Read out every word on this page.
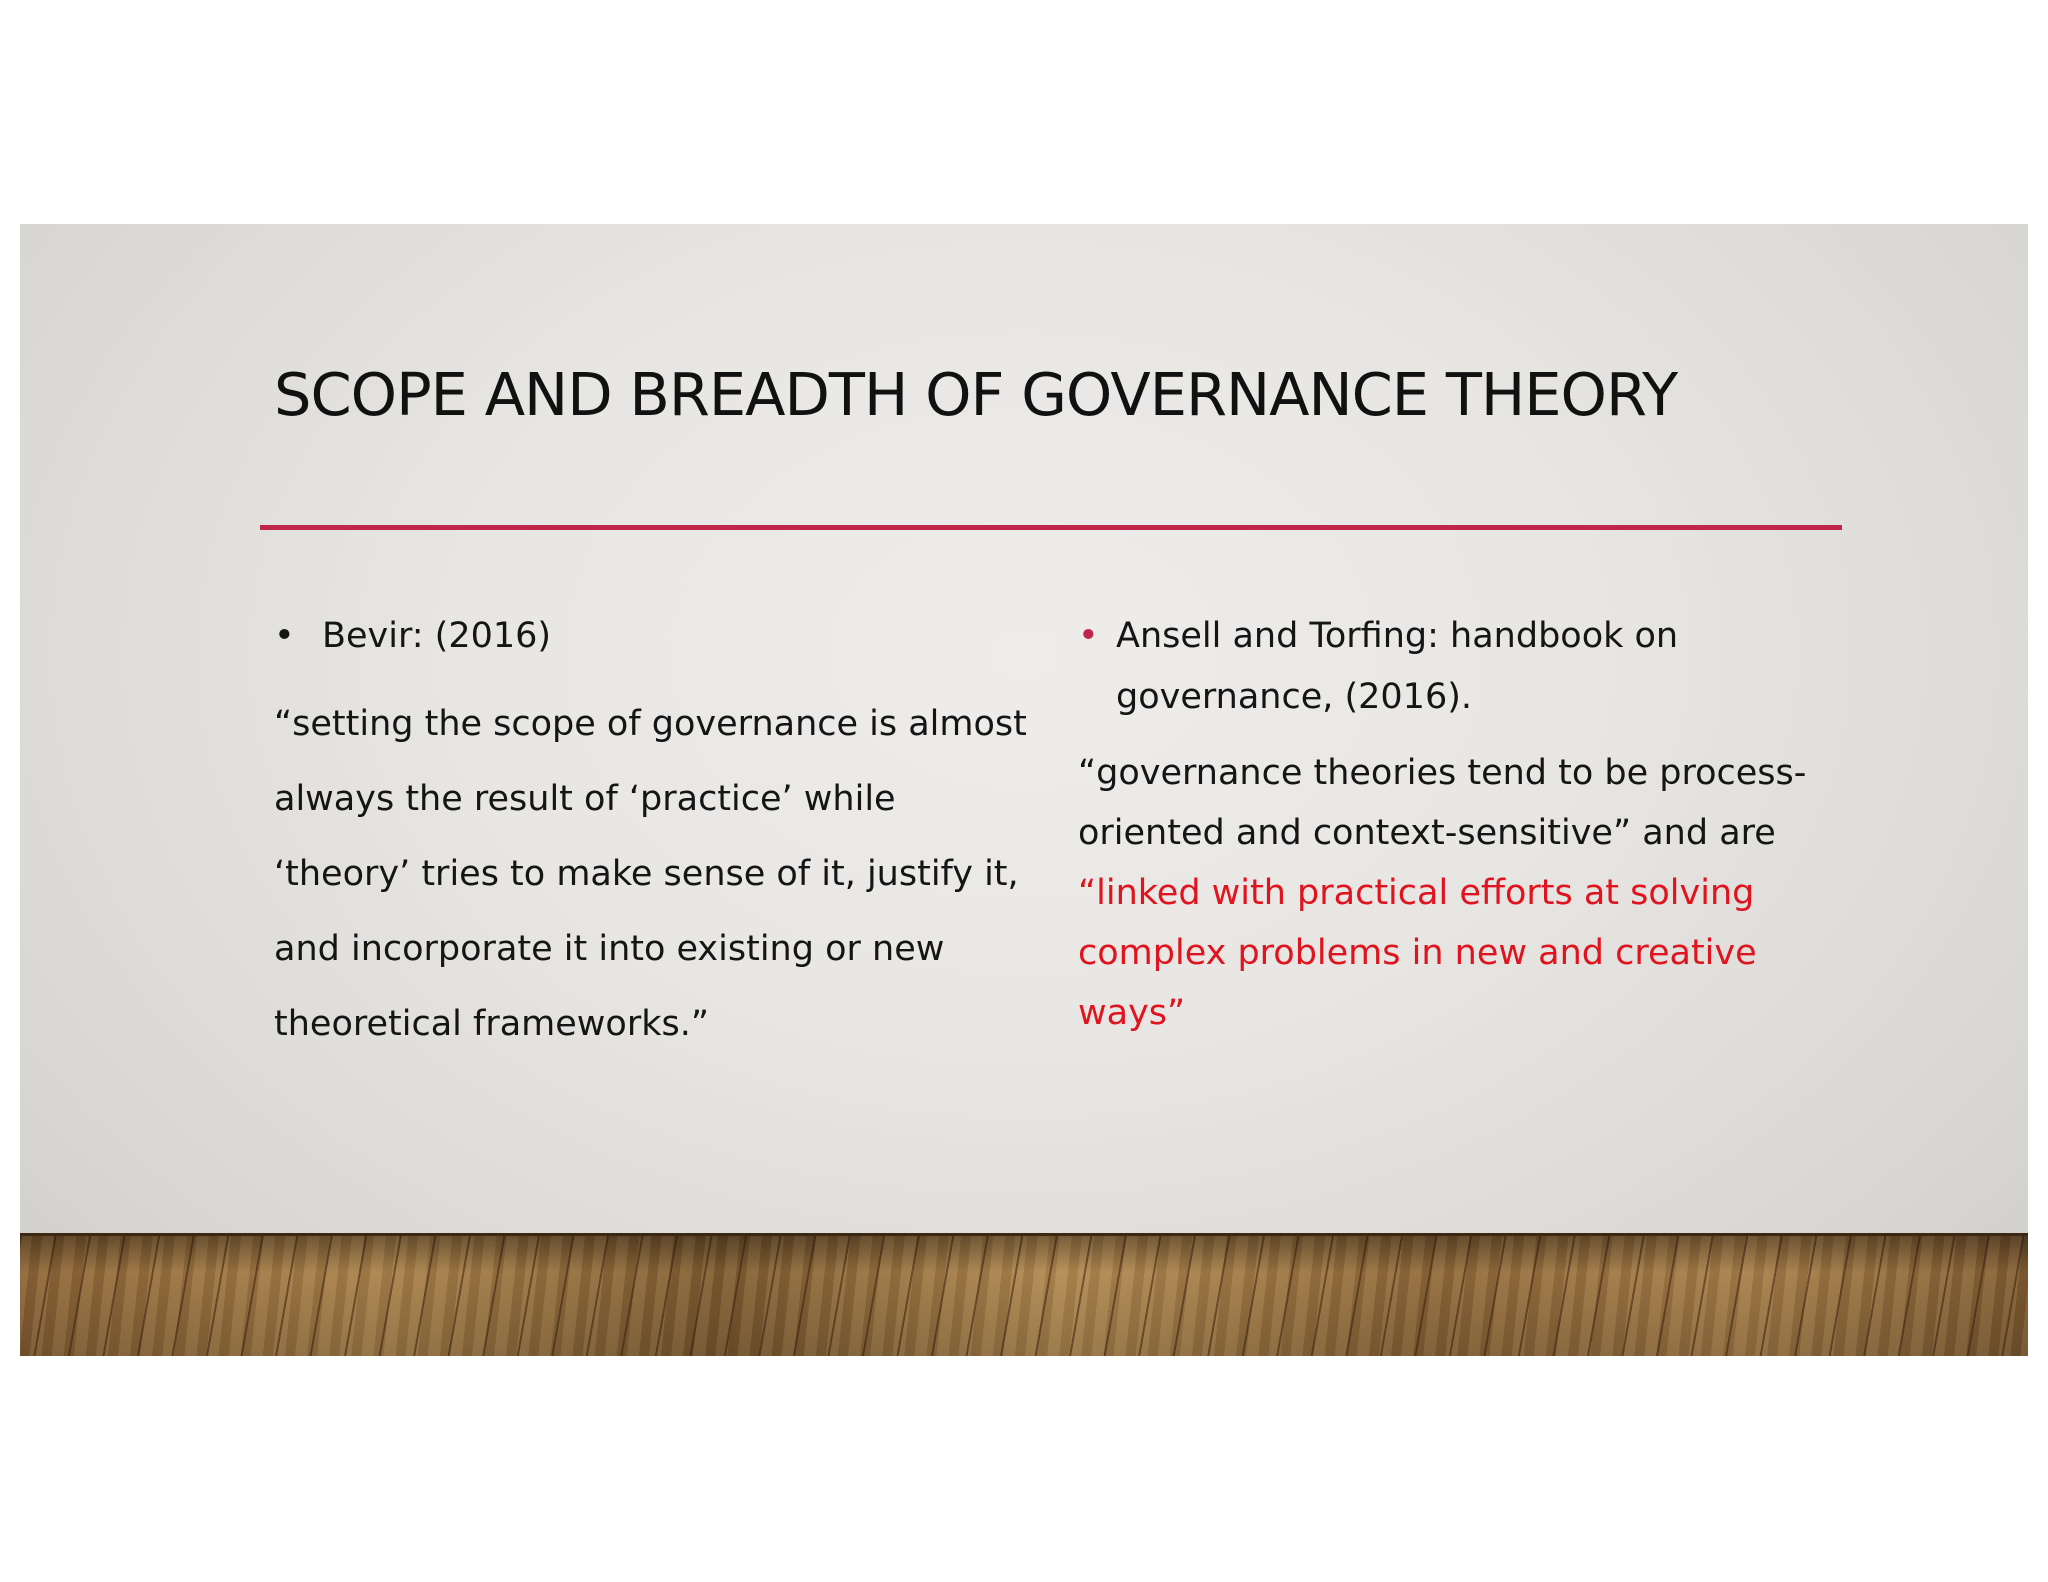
SCOPE AND BREADTH OF GOVERNANCE THEORY
• Bevir: (2016)
“setting the scope of governance is almost always the result of ‘practice’ while ‘theory’ tries to make sense of it, justify it, and incorporate it into existing or new theoretical frameworks.”
• Ansell and Torfing: handbook on governance, (2016).
“governance theories tend to be process-oriented and context-sensitive” and are “linked with practical efforts at solving complex problems in new and creative ways”
